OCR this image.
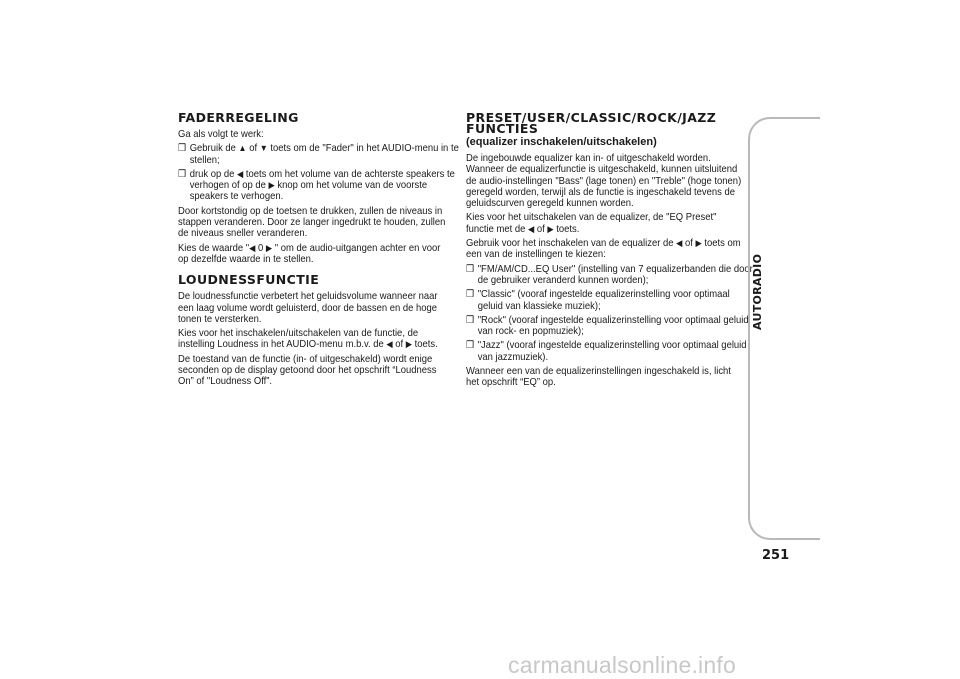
FADERREGELING
Ga als volgt te werk:
❒ Gebruik de ▲ of ▼ toets om de "Fader" in het AUDIO-menu in te stellen;
❒ druk op de ◀ toets om het volume van de achterste speakers te verhogen of op de ▶ knop om het volume van de voorste speakers te verhogen.
Door kortstondig op de toetsen te drukken, zullen de niveaus in stappen veranderen. Door ze langer ingedrukt te houden, zullen de niveaus sneller veranderen.
Kies de waarde "◀ 0 ▶ " om de audio-uitgangen achter en voor op dezelfde waarde in te stellen.
LOUDNESSFUNCTIE
De loudnessfunctie verbetert het geluidsvolume wanneer naar een laag volume wordt geluisterd, door de bassen en de hoge tonen te versterken.
Kies voor het inschakelen/uitschakelen van de functie, de instelling Loudness in het AUDIO-menu m.b.v. de ◀ of ▶ toets.
De toestand van de functie (in- of uitgeschakeld) wordt enige seconden op de display getoond door het opschrift “Loudness On” of "Loudness Off”.
PRESET/USER/CLASSIC/ROCK/JAZZ
FUNCTIES
(equalizer inschakelen/uitschakelen)
De ingebouwde equalizer kan in- of uitgeschakeld worden. Wanneer de equalizerfunctie is uitgeschakeld, kunnen uitsluitend de audio-instellingen "Bass" (lage tonen) en "Treble" (hoge tonen) geregeld worden, terwijl als de functie is ingeschakeld tevens de geluidscurven geregeld kunnen worden.
Kies voor het uitschakelen van de equalizer, de "EQ Preset" functie met de ◀ of ▶ toets.
Gebruik voor het inschakelen van de equalizer de ◀ of ▶ toets om een van de instellingen te kiezen:
❒ "FM/AM/CD...EQ User" (instelling van 7 equalizerbanden die door de gebruiker veranderd kunnen worden);
❒ "Classic" (vooraf ingestelde equalizerinstelling voor optimaal geluid van klassieke muziek);
❒ "Rock" (vooraf ingestelde equalizerinstelling voor optimaal geluid van rock- en popmuziek);
❒ "Jazz" (vooraf ingestelde equalizerinstelling voor optimaal geluid van jazzmuziek).
Wanneer een van de equalizerinstellingen ingeschakeld is, licht het opschrift “EQ” op.
AUTORADIO
251
carmanualsonline.info
